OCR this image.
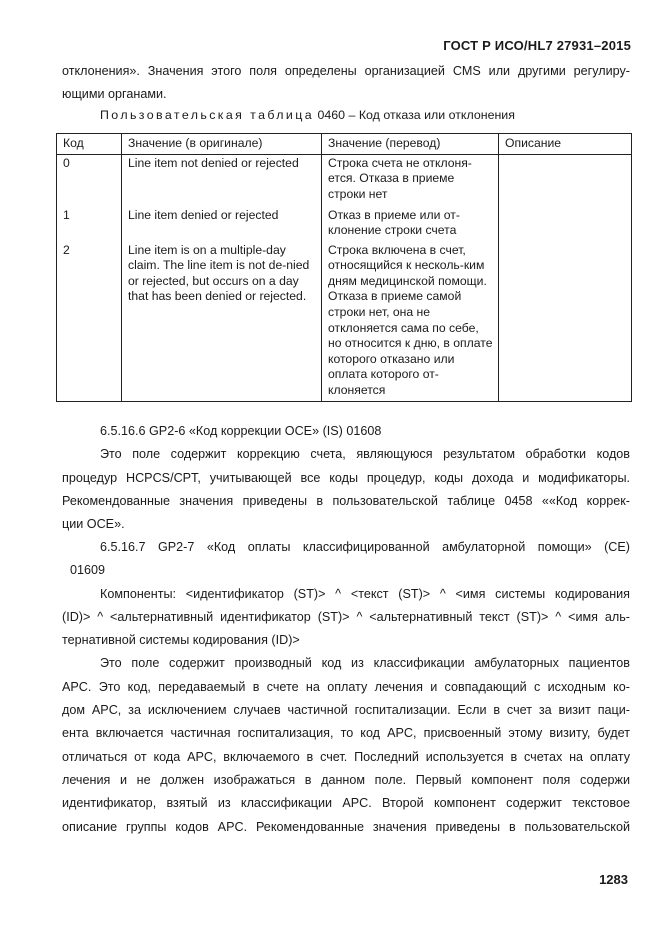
ГОСТ Р ИСО/HL7 27931–2015
отклонения». Значения этого поля определены организацией CMS или другими регулиру-
ющими органами.
Пользовательская таблица 0460 – Код отказа или отклонения
Код	Значение (в оригинале)	Значение (перевод)	Описание
0	Line item not denied or rejected	Строка счета не отклоня-ется. Отказа в приеме строки нет	
1	Line item denied or rejected	Отказ в приеме или от-клонение строки счета	
2	Line item is on a multiple-day claim. The line item is not de-nied or rejected, but occurs on a day that has been denied or rejected.	Строка включена в счет, относящийся к несколь-ким дням медицинской помощи. Отказа в приеме самой строки нет, она не отклоняется сама по себе, но относится к дню, в оплате которого отказано или оплата которого от-клоняется	
6.5.16.6 GP2-6 «Код коррекции OCE» (IS) 01608
Это поле содержит коррекцию счета, являющуюся результатом обработки кодов
процедур HCPCS/CPT, учитывающей все коды процедур, коды дохода и модификаторы.
Рекомендованные значения приведены в пользовательской таблице 0458 ««Код коррек-
ции OCE».
6.5.16.7 GP2-7 «Код оплаты классифицированной амбулаторной помощи» (CE)
01609
Компоненты: <идентификатор (ST)> ^ <текст (ST)> ^ <имя системы кодирования
(ID)> ^ <альтернативный идентификатор (ST)> ^ <альтернативный текст (ST)> ^ <имя аль-
тернативной системы кодирования (ID)>
Это поле содержит производный код из классификации амбулаторных пациентов
APC. Это код, передаваемый в счете на оплату лечения и совпадающий с исходным ко-
дом APC, за исключением случаев частичной госпитализации. Если в счет за визит паци-
ента включается частичная госпитализация, то код APC, присвоенный этому визиту, будет
отличаться от кода APC, включаемого в счет. Последний используется в счетах на оплату
лечения и не должен изображаться в данном поле. Первый компонент поля содержи
идентификатор, взятый из классификации APC. Второй компонент содержит текстовое
описание группы кодов APC. Рекомендованные значения приведены в пользовательской
1283
